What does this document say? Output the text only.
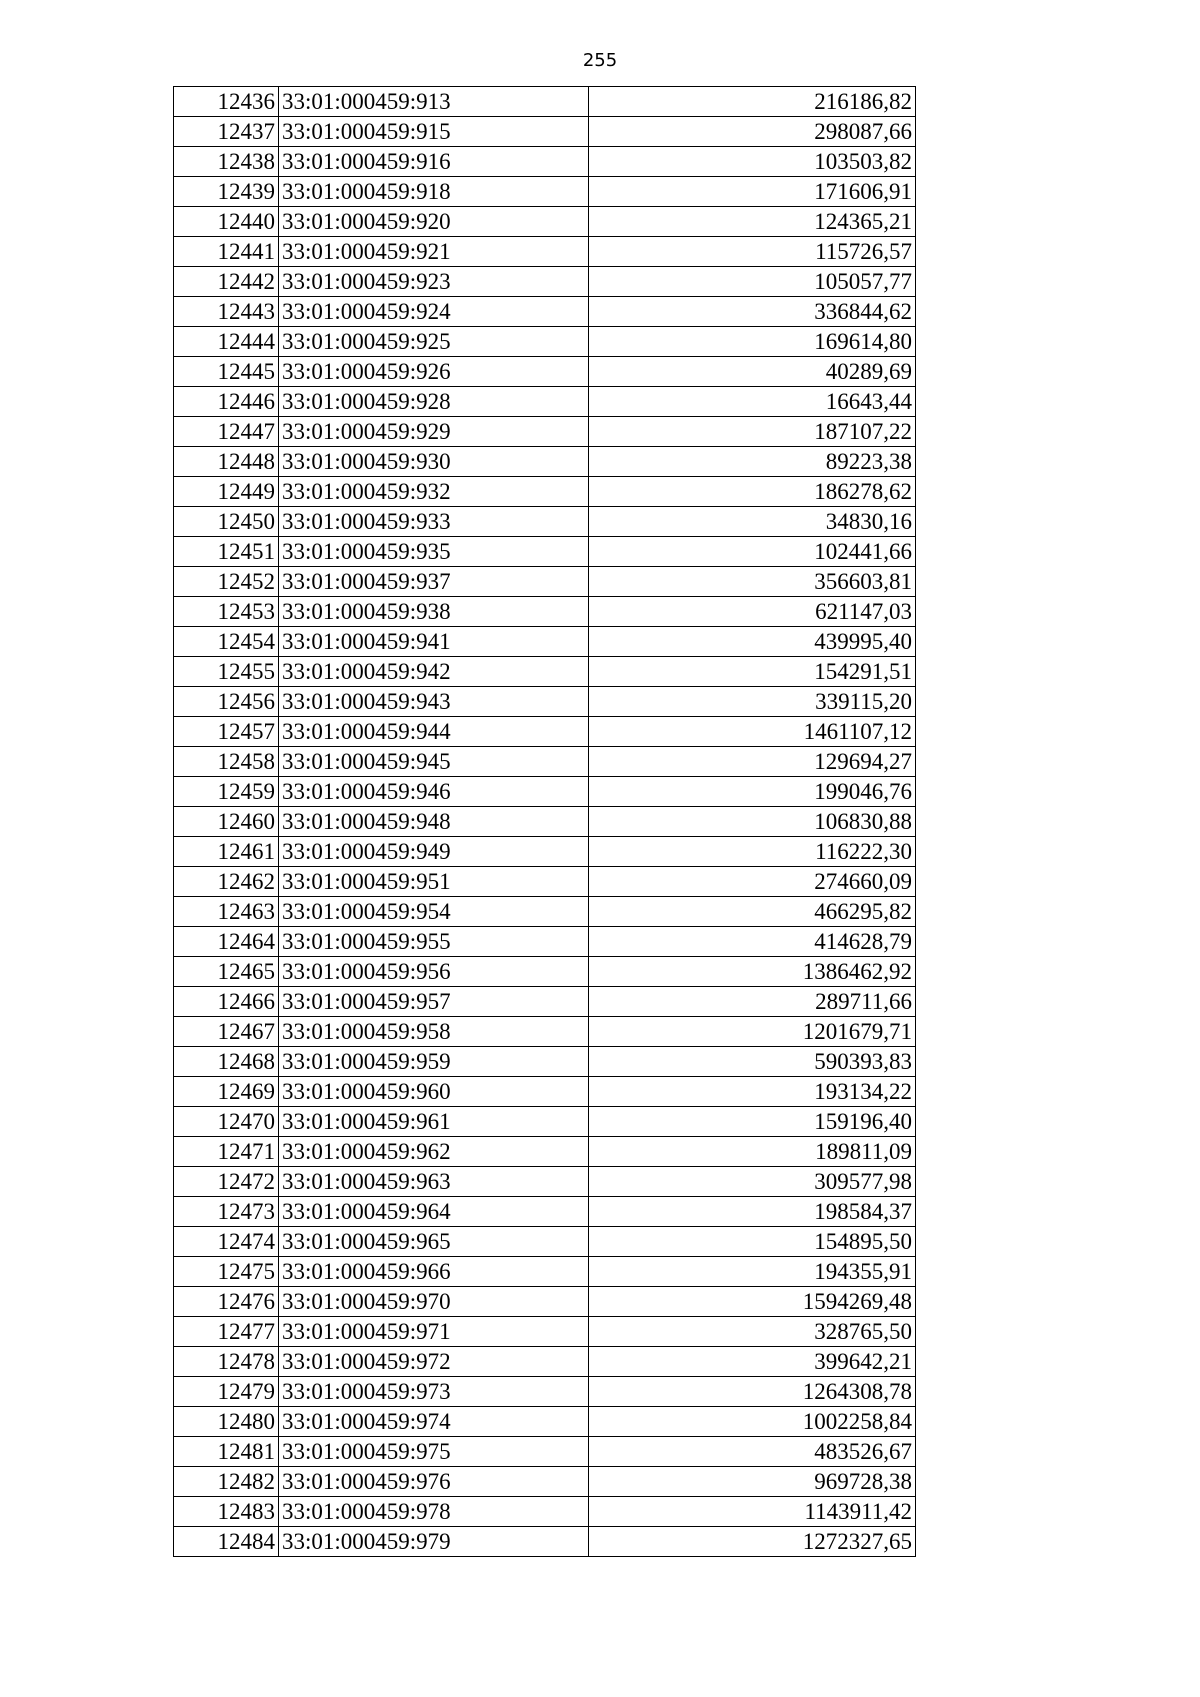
255
12436	33:01:000459:913	216186,82
12437	33:01:000459:915	298087,66
12438	33:01:000459:916	103503,82
12439	33:01:000459:918	171606,91
12440	33:01:000459:920	124365,21
12441	33:01:000459:921	115726,57
12442	33:01:000459:923	105057,77
12443	33:01:000459:924	336844,62
12444	33:01:000459:925	169614,80
12445	33:01:000459:926	40289,69
12446	33:01:000459:928	16643,44
12447	33:01:000459:929	187107,22
12448	33:01:000459:930	89223,38
12449	33:01:000459:932	186278,62
12450	33:01:000459:933	34830,16
12451	33:01:000459:935	102441,66
12452	33:01:000459:937	356603,81
12453	33:01:000459:938	621147,03
12454	33:01:000459:941	439995,40
12455	33:01:000459:942	154291,51
12456	33:01:000459:943	339115,20
12457	33:01:000459:944	1461107,12
12458	33:01:000459:945	129694,27
12459	33:01:000459:946	199046,76
12460	33:01:000459:948	106830,88
12461	33:01:000459:949	116222,30
12462	33:01:000459:951	274660,09
12463	33:01:000459:954	466295,82
12464	33:01:000459:955	414628,79
12465	33:01:000459:956	1386462,92
12466	33:01:000459:957	289711,66
12467	33:01:000459:958	1201679,71
12468	33:01:000459:959	590393,83
12469	33:01:000459:960	193134,22
12470	33:01:000459:961	159196,40
12471	33:01:000459:962	189811,09
12472	33:01:000459:963	309577,98
12473	33:01:000459:964	198584,37
12474	33:01:000459:965	154895,50
12475	33:01:000459:966	194355,91
12476	33:01:000459:970	1594269,48
12477	33:01:000459:971	328765,50
12478	33:01:000459:972	399642,21
12479	33:01:000459:973	1264308,78
12480	33:01:000459:974	1002258,84
12481	33:01:000459:975	483526,67
12482	33:01:000459:976	969728,38
12483	33:01:000459:978	1143911,42
12484	33:01:000459:979	1272327,65
